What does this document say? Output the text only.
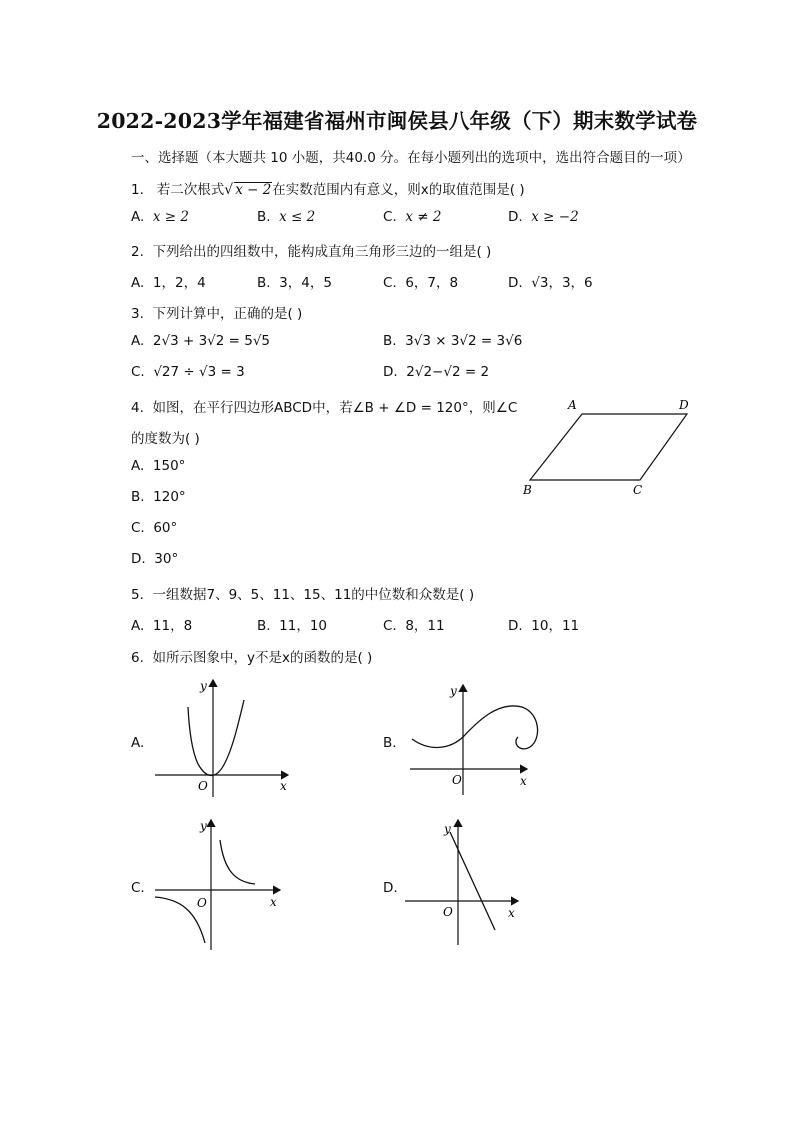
2022-2023学年福建省福州市闽侯县八年级（下）期末数学试卷
一、选择题（本大题共 10 小题，共40.0 分。在每小题列出的选项中，选出符合题目的一项）
1. 若二次根式√ x − 2在实数范围内有意义，则x的取值范围是( )
A. x ≥ 2	B. x ≤ 2	C. x ≠ 2	D. x ≥ −2
2. 下列给出的四组数中，能构成直角三角形三边的一组是( )
A. 1，2，4	B. 3，4，5	C. 6，7，8	D. √3，3，6
3. 下列计算中，正确的是( )
A. 2√3 + 3√2 = 5√5	B. 3√3 × 3√2 = 3√6
C. √27 ÷ √3 = 3	D. 2√2−√2 = 2
4. 如图，在平行四边形ABCD中，若∠B + ∠D = 120°，则∠C
的度数为( )
A. 150°
B. 120°
C. 60°
D. 30°
A	D
B	C
5. 一组数据7、9、5、11、15、11的中位数和众数是( )
A. 11，8	B. 11，10	C. 8，11	D. 10，11
6. 如所示图象中，y不是x的函数的是( )
A.
O	x
y
B.
O	x
y
C.
O	x
y
D.
O	x
y
